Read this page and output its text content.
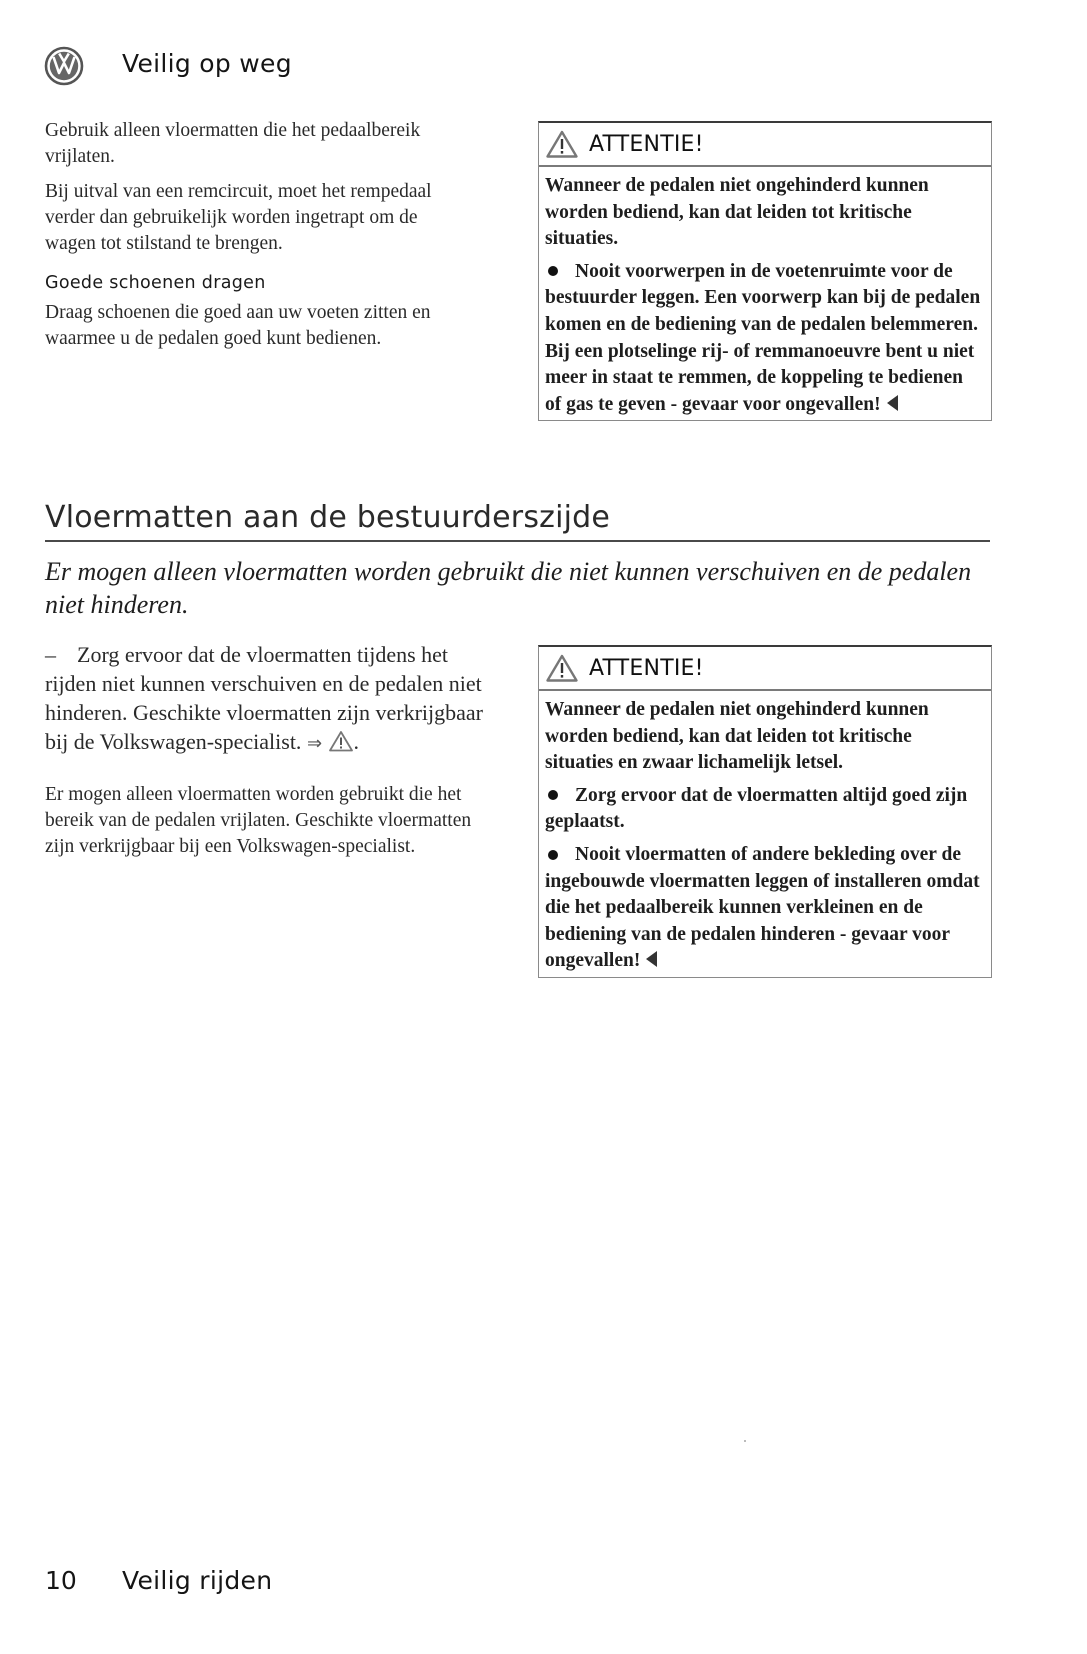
Veilig op weg

Gebruik alleen vloermatten die het pedaalbereik vrijlaten.

Bij uitval van een remcircuit, moet het rempedaal verder dan gebruikelijk worden ingetrapt om de wagen tot stilstand te brengen.

Goede schoenen dragen

Draag schoenen die goed aan uw voeten zitten en waarmee u de pedalen goed kunt bedienen.

ATTENTIE!

Wanneer de pedalen niet ongehinderd kunnen worden bediend, kan dat leiden tot kritische situaties.

Nooit voorwerpen in de voetenruimte voor de bestuurder leggen. Een voorwerp kan bij de pedalen komen en de bediening van de pedalen belemmeren. Bij een plotselinge rij- of remmanoeuvre bent u niet meer in staat te remmen, de koppeling te bedienen of gas te geven - gevaar voor ongevallen!

Vloermatten aan de bestuurderszijde

Er mogen alleen vloermatten worden gebruikt die niet kunnen verschuiven en de pedalen niet hinderen.

– Zorg ervoor dat de vloermatten tijdens het rijden niet kunnen verschuiven en de pedalen niet hinderen. Geschikte vloermatten zijn verkrijgbaar bij de Volkswagen-specialist. ⇒ .

Er mogen alleen vloermatten worden gebruikt die het bereik van de pedalen vrijlaten. Geschikte vloermatten zijn verkrijgbaar bij een Volkswagen-specialist.

ATTENTIE!

Wanneer de pedalen niet ongehinderd kunnen worden bediend, kan dat leiden tot kritische situaties en zwaar lichamelijk letsel.

Zorg ervoor dat de vloermatten altijd goed zijn geplaatst.

Nooit vloermatten of andere bekleding over de ingebouwde vloermatten leggen of installeren omdat die het pedaalbereik kunnen verkleinen en de bediening van de pedalen hinderen - gevaar voor ongevallen!

10 Veilig rijden
